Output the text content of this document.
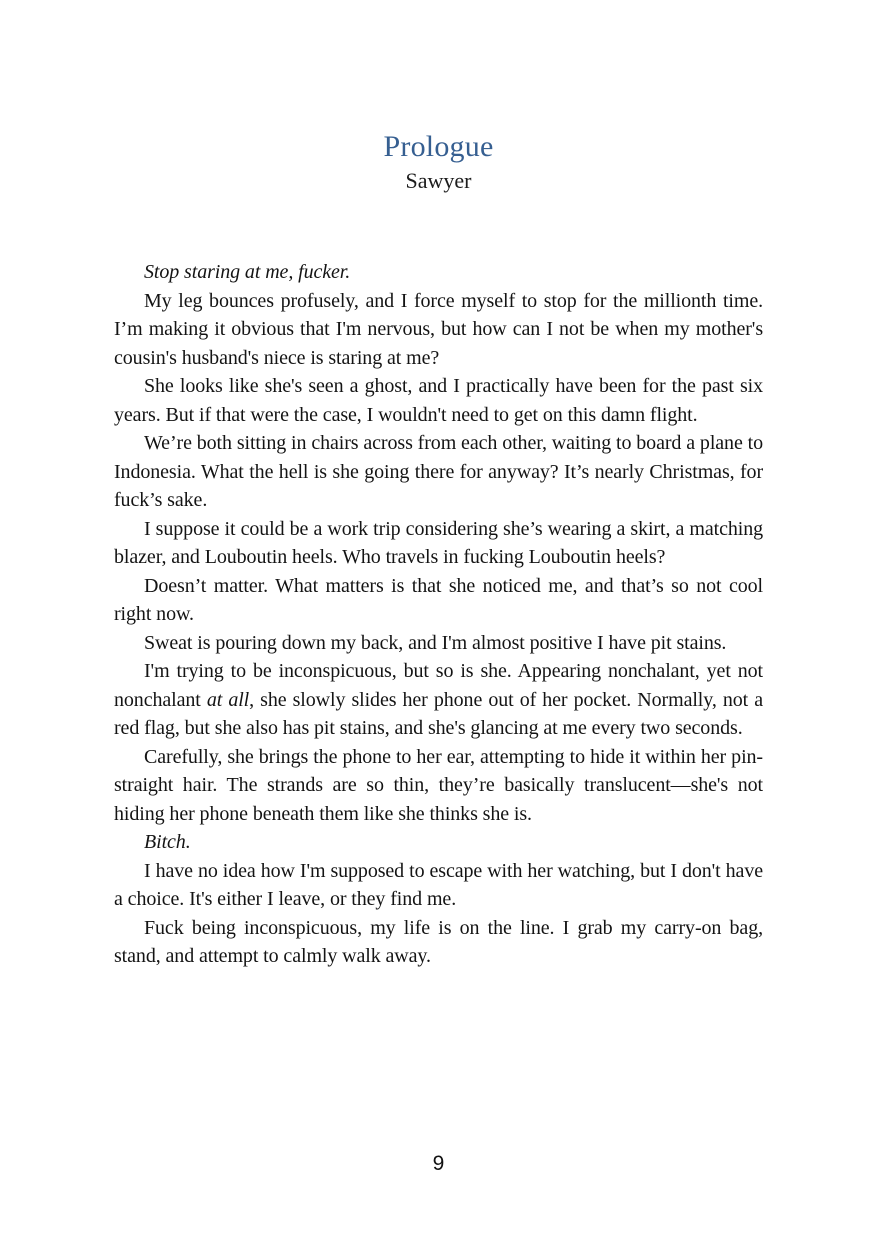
Prologue
Sawyer

Stop staring at me, fucker.

My leg bounces profusely, and I force myself to stop for the millionth time. I’m making it obvious that I'm nervous, but how can I not be when my mother's cousin's husband's niece is staring at me?

She looks like she's seen a ghost, and I practically have been for the past six years. But if that were the case, I wouldn't need to get on this damn flight.

We’re both sitting in chairs across from each other, waiting to board a plane to Indonesia. What the hell is she going there for anyway? It’s nearly Christmas, for fuck’s sake.

I suppose it could be a work trip considering she’s wearing a skirt, a matching blazer, and Louboutin heels. Who travels in fucking Louboutin heels?

Doesn’t matter. What matters is that she noticed me, and that’s so not cool right now.

Sweat is pouring down my back, and I'm almost positive I have pit stains.

I'm trying to be inconspicuous, but so is she. Appearing nonchalant, yet not nonchalant at all, she slowly slides her phone out of her pocket. Normally, not a red flag, but she also has pit stains, and she's glancing at me every two seconds.

Carefully, she brings the phone to her ear, attempting to hide it within her pin-straight hair. The strands are so thin, they’re basically translucent—she's not hiding her phone beneath them like she thinks she is.

Bitch.

I have no idea how I'm supposed to escape with her watching, but I don't have a choice. It's either I leave, or they find me.

Fuck being inconspicuous, my life is on the line. I grab my carry-on bag, stand, and attempt to calmly walk away.

9
